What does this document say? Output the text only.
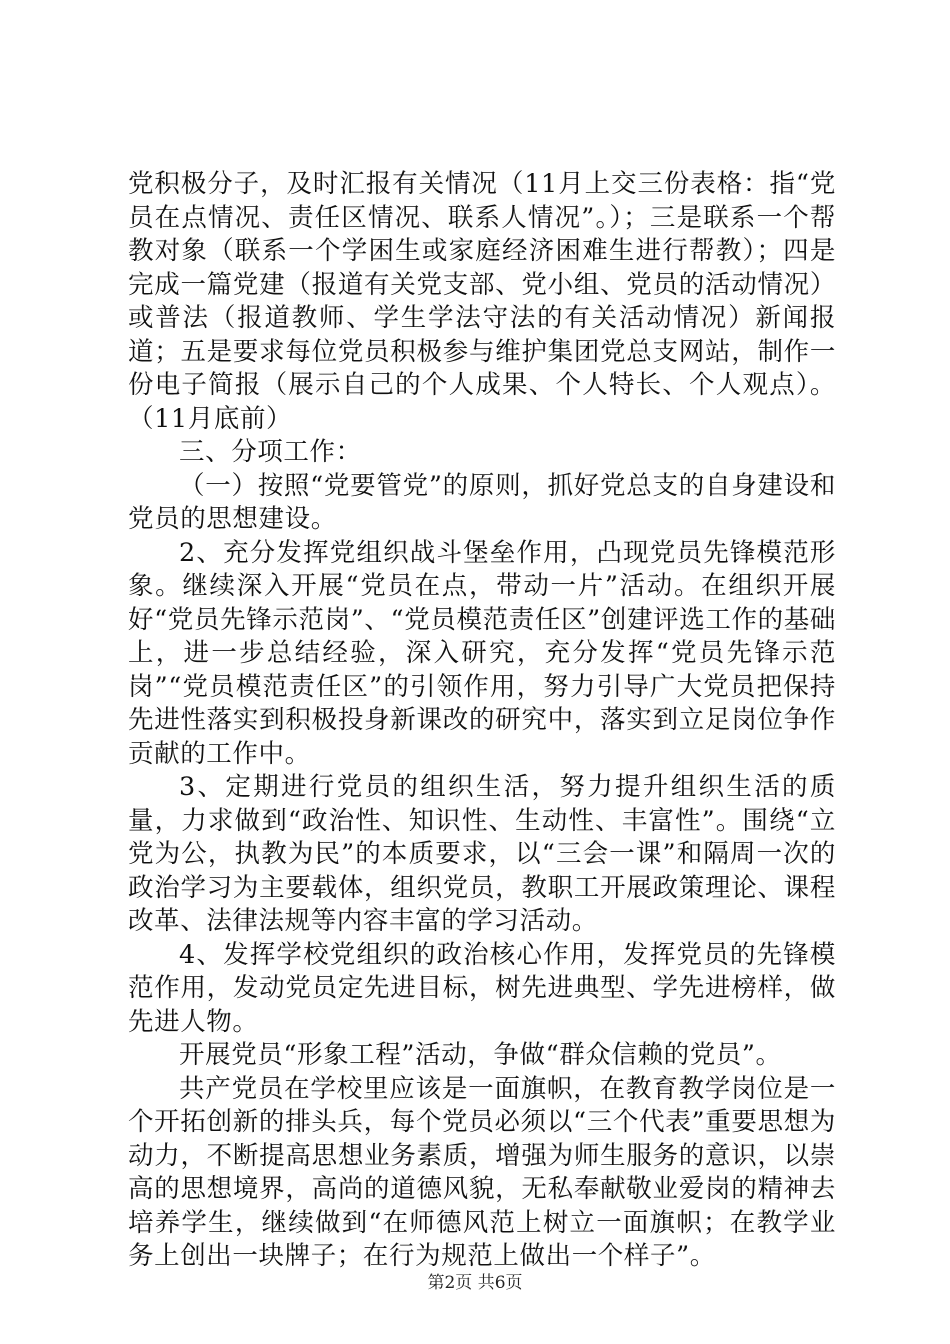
党积极分子，及时汇报有关情况（11月上交三份表格：指“党员在点情况、责任区情况、联系人情况”。）；三是联系一个帮教对象（联系一个学困生或家庭经济困难生进行帮教）；四是完成一篇党建（报道有关党支部、党小组、党员的活动情况）或普法（报道教师、学生学法守法的有关活动情况）新闻报道；五是要求每位党员积极参与维护集团党总支网站，制作一份电子简报（展示自己的个人成果、个人特长、个人观点）。（11月底前）

三、分项工作：

（一）按照“党要管党”的原则，抓好党总支的自身建设和党员的思想建设。

2、充分发挥党组织战斗堡垒作用，凸现党员先锋模范形象。继续深入开展“党员在点，带动一片”活动。在组织开展好“党员先锋示范岗”、“党员模范责任区”创建评选工作的基础上，进一步总结经验，深入研究，充分发挥“党员先锋示范岗”“党员模范责任区”的引领作用，努力引导广大党员把保持先进性落实到积极投身新课改的研究中，落实到立足岗位争作贡献的工作中。

3、定期进行党员的组织生活，努力提升组织生活的质量，力求做到“政治性、知识性、生动性、丰富性”。围绕“立党为公，执教为民”的本质要求，以“三会一课”和隔周一次的政治学习为主要载体，组织党员，教职工开展政策理论、课程改革、法律法规等内容丰富的学习活动。

4、发挥学校党组织的政治核心作用，发挥党员的先锋模范作用，发动党员定先进目标，树先进典型、学先进榜样，做先进人物。

开展党员“形象工程”活动，争做“群众信赖的党员”。

共产党员在学校里应该是一面旗帜，在教育教学岗位是一个开拓创新的排头兵，每个党员必须以“三个代表”重要思想为动力，不断提高思想业务素质，增强为师生服务的意识，以崇高的思想境界，高尚的道德风貌，无私奉献敬业爱岗的精神去培养学生，继续做到“在师德风范上树立一面旗帜；在教学业务上创出一块牌子；在行为规范上做出一个样子”。

第2页 共6页
